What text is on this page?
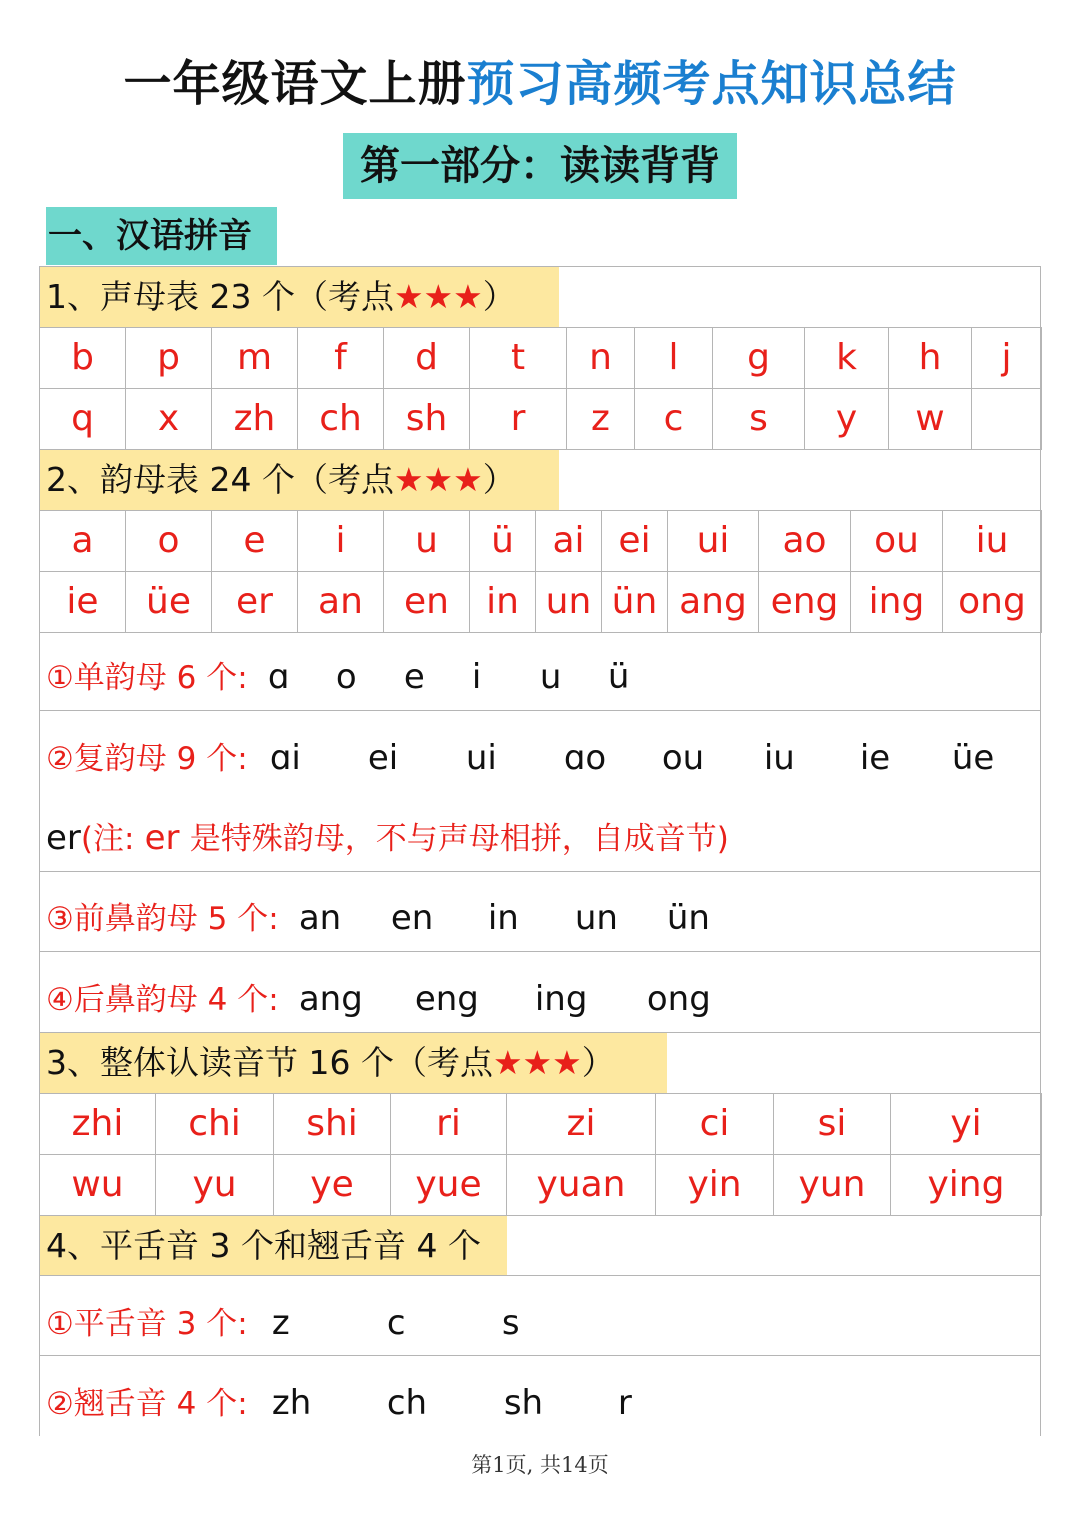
一年级语文上册预习高频考点知识总结
第一部分：读读背背
一、汉语拼音
1、声母表 23 个（考点★★★）
b	p	m	f	d	t	n	l	g	k	h	j
q	x	zh	ch	sh	r	z	c	s	y	w	
2、韵母表 24 个（考点★★★）
a	o	e	i	u	ü	ai	ei	ui	ao	ou	iu
ie	üe	er	an	en	in	un	ün	ang	eng	ing	ong
①单韵母 6 个: ɑ o e i u ü
②复韵母 9 个: ɑi ei ui ɑo ou iu ie üe
er(注: er 是特殊韵母，不与声母相拼，自成音节)
③前鼻韵母 5 个: an en in un ün
④后鼻韵母 4 个: ang eng ing ong
3、整体认读音节 16 个（考点★★★）
zhi	chi	shi	ri	zi	ci	si	yi
wu	yu	ye	yue	yuan	yin	yun	ying
4、平舌音 3 个和翘舌音 4 个
①平舌音 3 个: z	c	s
②翘舌音 4 个: zh ch sh r
第1页, 共14页
